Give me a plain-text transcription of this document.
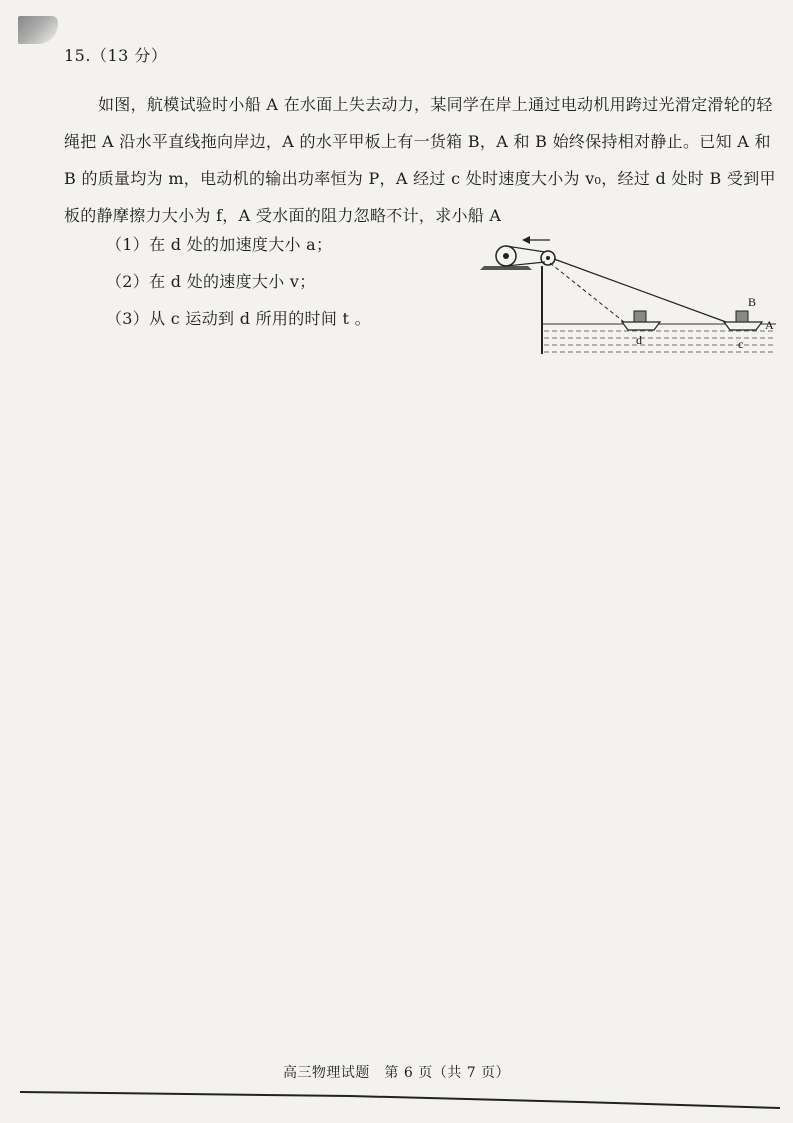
15.（13 分）
如图，航模试验时小船 A 在水面上失去动力，某同学在岸上通过电动机用跨过光滑定滑轮的轻绳把 A 沿水平直线拖向岸边，A 的水平甲板上有一货箱 B，A 和 B 始终保持相对静止。已知 A 和 B 的质量均为 m，电动机的输出功率恒为 P，A 经过 c 处时速度大小为 v₀，经过 d 处时 B 受到甲板的静摩擦力大小为 f，A 受水面的阻力忽略不计，求小船 A
（1）在 d 处的加速度大小 a；
（2）在 d 处的速度大小 v；
（3）从 c 运动到 d 所用的时间 t 。
B
A
d	c
高三物理试题　第 6 页（共 7 页）
